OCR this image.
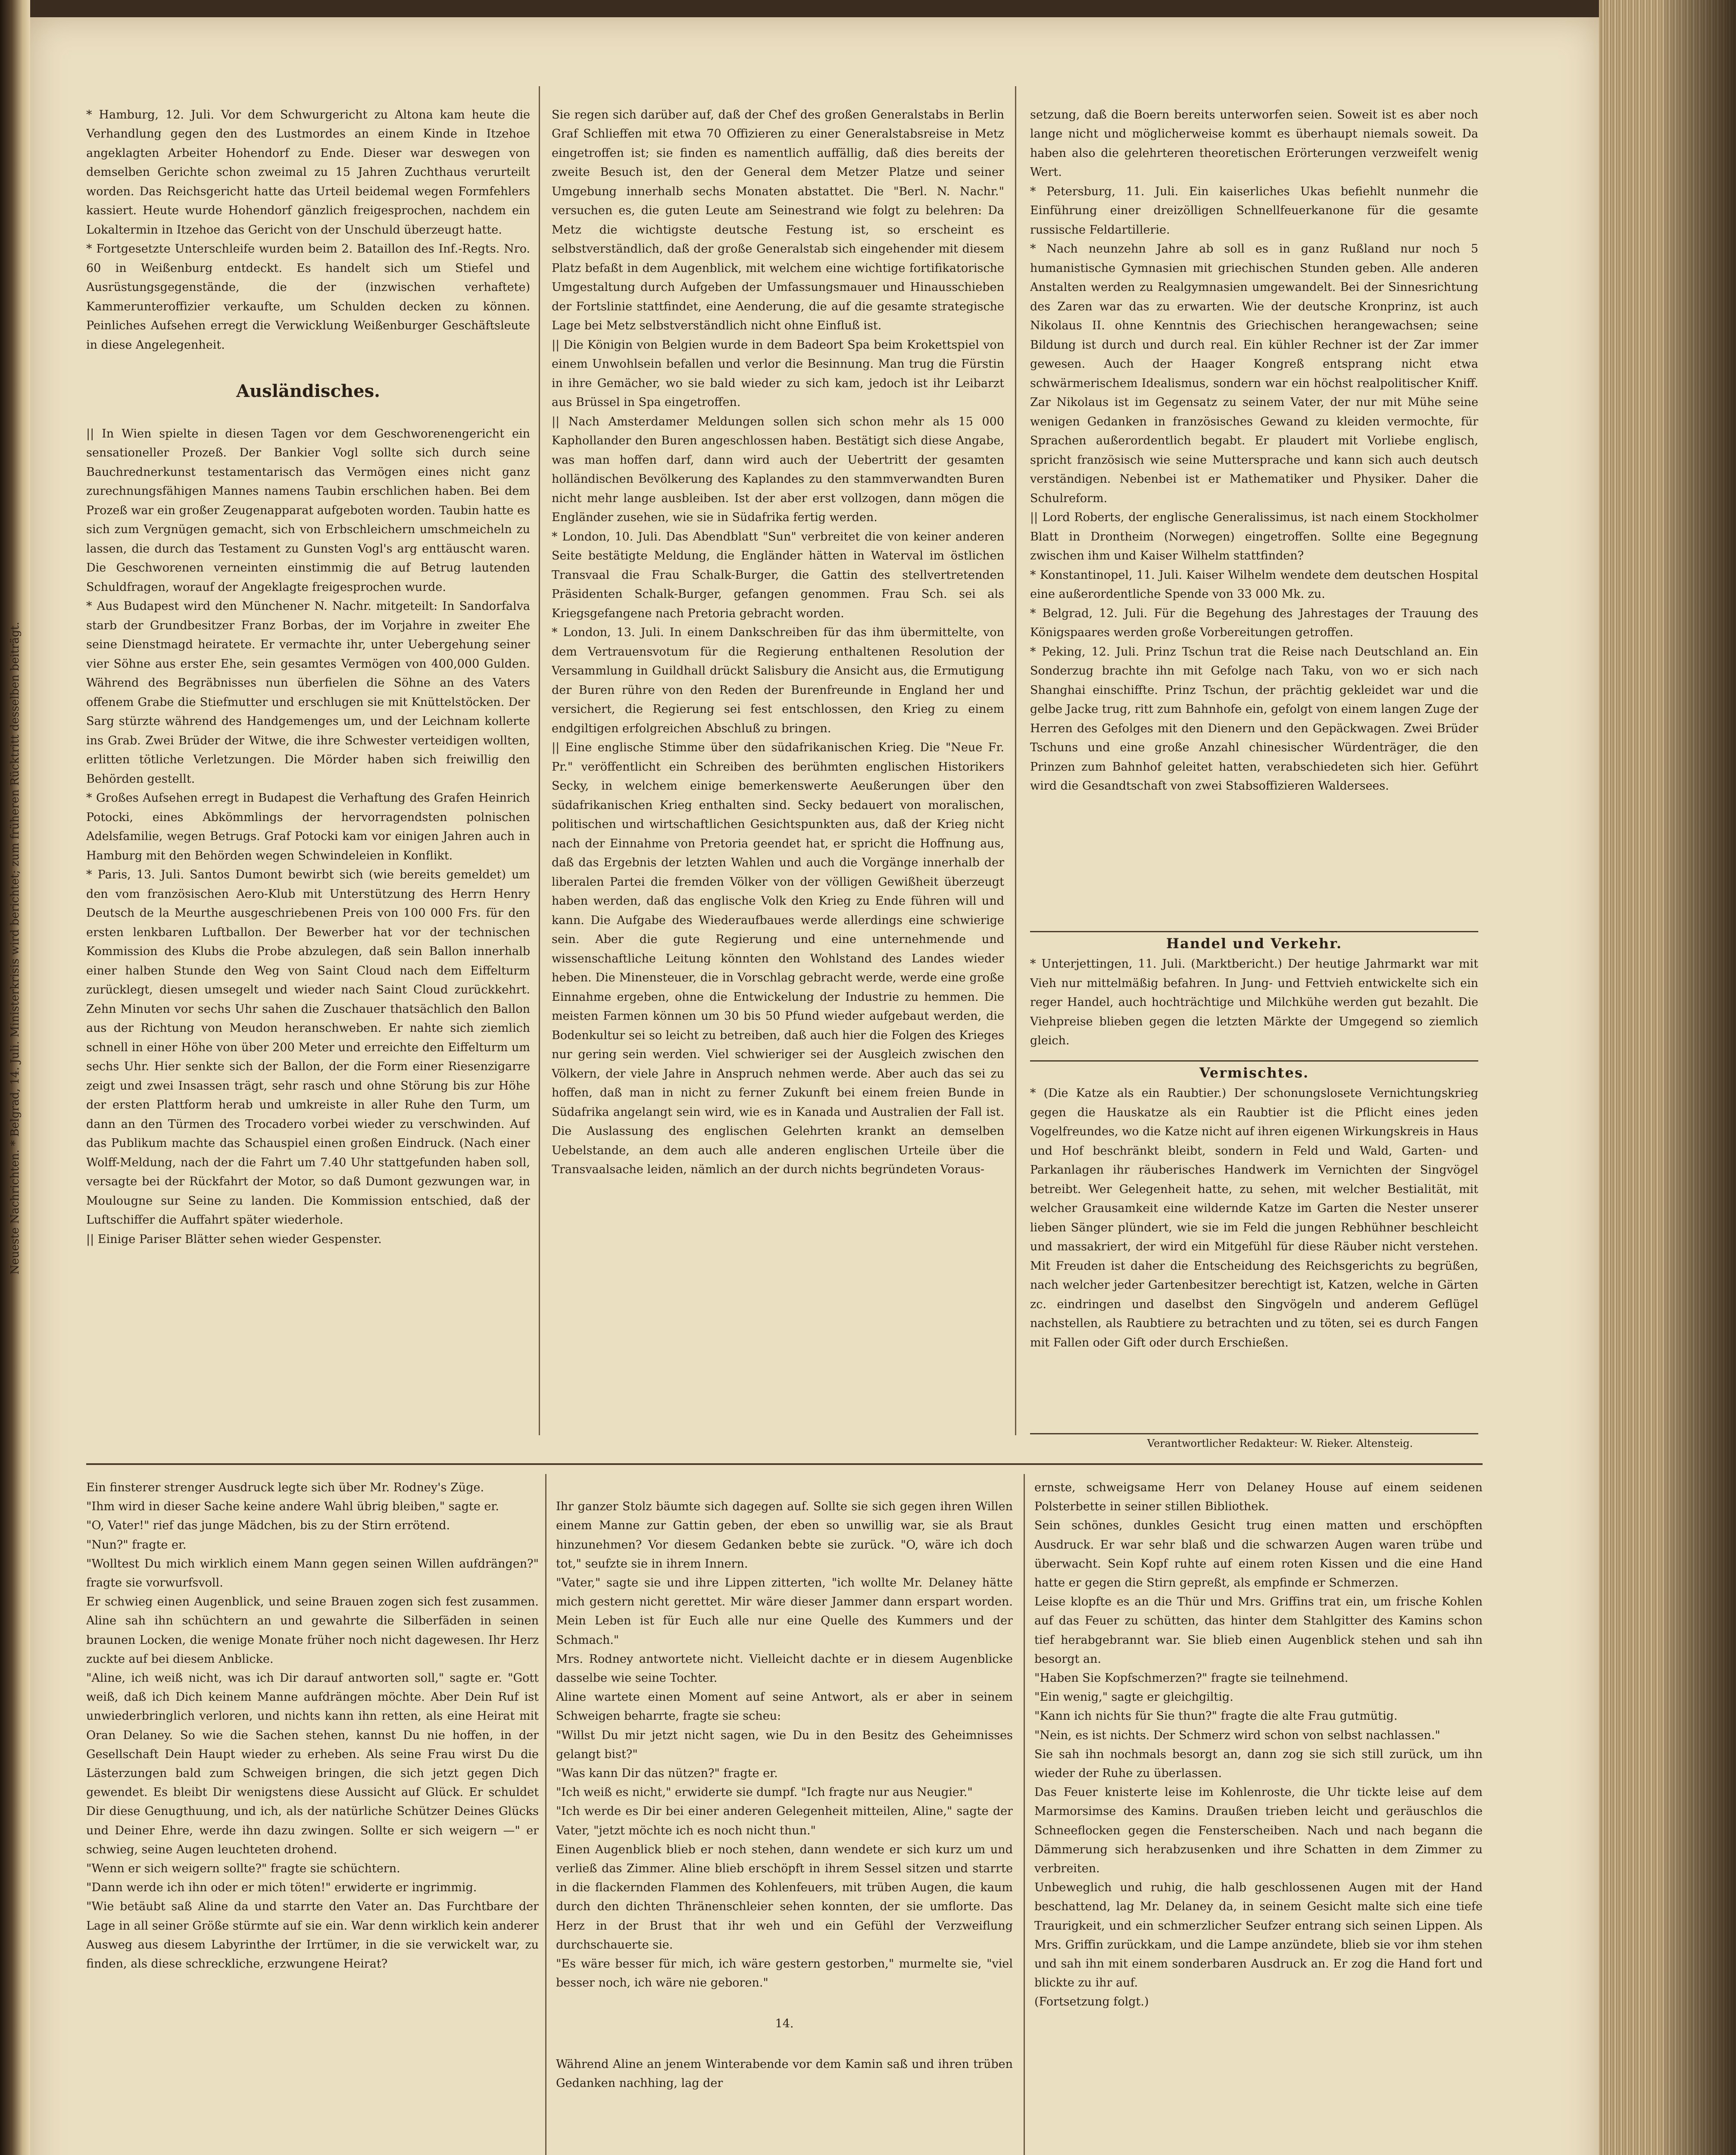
Neueste Nachrichten. * Belgrad, 14. Juli. Ministerkrisis wird berichtet; zum früheren Rücktritt desselben beiträgt.

* Hamburg, 12. Juli. Vor dem Schwurgericht zu Altona kam heute die Verhandlung gegen den des Lustmordes an einem Kinde in Itzehoe angeklagten Arbeiter Hohendorf zu Ende. Dieser war deswegen von demselben Gerichte schon zweimal zu 15 Jahren Zuchthaus verurteilt worden. Das Reichsgericht hatte das Urteil beidemal wegen Formfehlers kassiert. Heute wurde Hohendorf gänzlich freigesprochen, nachdem ein Lokaltermin in Itzehoe das Gericht von der Unschuld überzeugt hatte.
* Fortgesetzte Unterschleife wurden beim 2. Bataillon des Inf.-Regts. Nro. 60 in Weißenburg entdeckt. Es handelt sich um Stiefel und Ausrüstungsgegenstände, die der (inzwischen verhaftete) Kammerunteroffizier verkaufte, um Schulden decken zu können. Peinliches Aufsehen erregt die Verwicklung Weißenburger Geschäftsleute in diese Angelegenheit.

Ausländisches.

|| In Wien spielte in diesen Tagen vor dem Geschworenengericht ein sensationeller Prozeß. Der Bankier Vogl sollte sich durch seine Bauchrednerkunst testamentarisch das Vermögen eines nicht ganz zurechnungsfähigen Mannes namens Taubin erschlichen haben. Bei dem Prozeß war ein großer Zeugenapparat aufgeboten worden. Taubin hatte es sich zum Vergnügen gemacht, sich von Erbschleichern umschmeicheln zu lassen, die durch das Testament zu Gunsten Vogl's arg enttäuscht waren. Die Geschworenen verneinten einstimmig die auf Betrug lautenden Schuldfragen, worauf der Angeklagte freigesprochen wurde.
* Aus Budapest wird den Münchener N. Nachr. mitgeteilt: In Sandorfalva starb der Grundbesitzer Franz Borbas, der im Vorjahre in zweiter Ehe seine Dienstmagd heiratete. Er vermachte ihr, unter Uebergehung seiner vier Söhne aus erster Ehe, sein gesamtes Vermögen von 400,000 Gulden. Während des Begräbnisses nun überfielen die Söhne an des Vaters offenem Grabe die Stiefmutter und erschlugen sie mit Knüttelstöcken. Der Sarg stürzte während des Handgemenges um, und der Leichnam kollerte ins Grab. Zwei Brüder der Witwe, die ihre Schwester verteidigen wollten, erlitten tötliche Verletzungen. Die Mörder haben sich freiwillig den Behörden gestellt.
* Großes Aufsehen erregt in Budapest die Verhaftung des Grafen Heinrich Potocki, eines Abkömmlings der hervorragendsten polnischen Adelsfamilie, wegen Betrugs. Graf Potocki kam vor einigen Jahren auch in Hamburg mit den Behörden wegen Schwindeleien in Konflikt.
* Paris, 13. Juli. Santos Dumont bewirbt sich (wie bereits gemeldet) um den vom französischen Aero-Klub mit Unterstützung des Herrn Henry Deutsch de la Meurthe ausgeschriebenen Preis von 100 000 Frs. für den ersten lenkbaren Luftballon. Der Bewerber hat vor der technischen Kommission des Klubs die Probe abzulegen, daß sein Ballon innerhalb einer halben Stunde den Weg von Saint Cloud nach dem Eiffelturm zurücklegt, diesen umsegelt und wieder nach Saint Cloud zurückkehrt. Zehn Minuten vor sechs Uhr sahen die Zuschauer thatsächlich den Ballon aus der Richtung von Meudon heranschweben. Er nahte sich ziemlich schnell in einer Höhe von über 200 Meter und erreichte den Eiffelturm um sechs Uhr. Hier senkte sich der Ballon, der die Form einer Riesenzigarre zeigt und zwei Insassen trägt, sehr rasch und ohne Störung bis zur Höhe der ersten Plattform herab und umkreiste in aller Ruhe den Turm, um dann an den Türmen des Trocadero vorbei wieder zu verschwinden. Auf das Publikum machte das Schauspiel einen großen Eindruck. (Nach einer Wolff-Meldung, nach der die Fahrt um 7.40 Uhr stattgefunden haben soll, versagte bei der Rückfahrt der Motor, so daß Dumont gezwungen war, in Moulougne sur Seine zu landen. Die Kommission entschied, daß der Luftschiffer die Auffahrt später wiederhole.
|| Einige Pariser Blätter sehen wieder Gespenster.

Sie regen sich darüber auf, daß der Chef des großen Generalstabs in Berlin Graf Schlieffen mit etwa 70 Offizieren zu einer Generalstabsreise in Metz eingetroffen ist; sie finden es namentlich auffällig, daß dies bereits der zweite Besuch ist, den der General dem Metzer Platze und seiner Umgebung innerhalb sechs Monaten abstattet. Die "Berl. N. Nachr." versuchen es, die guten Leute am Seinestrand wie folgt zu belehren: Da Metz die wichtigste deutsche Festung ist, so erscheint es selbstverständlich, daß der große Generalstab sich eingehender mit diesem Platz befaßt in dem Augenblick, mit welchem eine wichtige fortifikatorische Umgestaltung durch Aufgeben der Umfassungsmauer und Hinausschieben der Fortslinie stattfindet, eine Aenderung, die auf die gesamte strategische Lage bei Metz selbstverständlich nicht ohne Einfluß ist.
|| Die Königin von Belgien wurde in dem Badeort Spa beim Krokettspiel von einem Unwohlsein befallen und verlor die Besinnung. Man trug die Fürstin in ihre Gemächer, wo sie bald wieder zu sich kam, jedoch ist ihr Leibarzt aus Brüssel in Spa eingetroffen.
|| Nach Amsterdamer Meldungen sollen sich schon mehr als 15 000 Kaphollander den Buren angeschlossen haben. Bestätigt sich diese Angabe, was man hoffen darf, dann wird auch der Uebertritt der gesamten holländischen Bevölkerung des Kaplandes zu den stammverwandten Buren nicht mehr lange ausbleiben. Ist der aber erst vollzogen, dann mögen die Engländer zusehen, wie sie in Südafrika fertig werden.
* London, 10. Juli. Das Abendblatt "Sun" verbreitet die von keiner anderen Seite bestätigte Meldung, die Engländer hätten in Waterval im östlichen Transvaal die Frau Schalk-Burger, die Gattin des stellvertretenden Präsidenten Schalk-Burger, gefangen genommen. Frau Sch. sei als Kriegsgefangene nach Pretoria gebracht worden.
* London, 13. Juli. In einem Dankschreiben für das ihm übermittelte, von dem Vertrauensvotum für die Regierung enthaltenen Resolution der Versammlung in Guildhall drückt Salisbury die Ansicht aus, die Ermutigung der Buren rühre von den Reden der Burenfreunde in England her und versichert, die Regierung sei fest entschlossen, den Krieg zu einem endgiltigen erfolgreichen Abschluß zu bringen.
|| Eine englische Stimme über den südafrikanischen Krieg. Die "Neue Fr. Pr." veröffentlicht ein Schreiben des berühmten englischen Historikers Secky, in welchem einige bemerkenswerte Aeußerungen über den südafrikanischen Krieg enthalten sind. Secky bedauert von moralischen, politischen und wirtschaftlichen Gesichtspunkten aus, daß der Krieg nicht nach der Einnahme von Pretoria geendet hat, er spricht die Hoffnung aus, daß das Ergebnis der letzten Wahlen und auch die Vorgänge innerhalb der liberalen Partei die fremden Völker von der völligen Gewißheit überzeugt haben werden, daß das englische Volk den Krieg zu Ende führen will und kann. Die Aufgabe des Wiederaufbaues werde allerdings eine schwierige sein. Aber die gute Regierung und eine unternehmende und wissenschaftliche Leitung könnten den Wohlstand des Landes wieder heben. Die Minensteuer, die in Vorschlag gebracht werde, werde eine große Einnahme ergeben, ohne die Entwickelung der Industrie zu hemmen. Die meisten Farmen können um 30 bis 50 Pfund wieder aufgebaut werden, die Bodenkultur sei so leicht zu betreiben, daß auch hier die Folgen des Krieges nur gering sein werden. Viel schwieriger sei der Ausgleich zwischen den Völkern, der viele Jahre in Anspruch nehmen werde. Aber auch das sei zu hoffen, daß man in nicht zu ferner Zukunft bei einem freien Bunde in Südafrika angelangt sein wird, wie es in Kanada und Australien der Fall ist. Die Auslassung des englischen Gelehrten krankt an demselben Uebelstande, an dem auch alle anderen englischen Urteile über die Transvaalsache leiden, nämlich an der durch nichts begründeten Voraus-

setzung, daß die Boern bereits unterworfen seien. Soweit ist es aber noch lange nicht und möglicherweise kommt es überhaupt niemals soweit. Da haben also die gelehrteren theoretischen Erörterungen verzweifelt wenig Wert.
* Petersburg, 11. Juli. Ein kaiserliches Ukas befiehlt nunmehr die Einführung einer dreizölligen Schnellfeuerkanone für die gesamte russische Feldartillerie.
* Nach neunzehn Jahre ab soll es in ganz Rußland nur noch 5 humanistische Gymnasien mit griechischen Stunden geben. Alle anderen Anstalten werden zu Realgymnasien umgewandelt. Bei der Sinnesrichtung des Zaren war das zu erwarten. Wie der deutsche Kronprinz, ist auch Nikolaus II. ohne Kenntnis des Griechischen herangewachsen; seine Bildung ist durch und durch real. Ein kühler Rechner ist der Zar immer gewesen. Auch der Haager Kongreß entsprang nicht etwa schwärmerischem Idealismus, sondern war ein höchst realpolitischer Kniff. Zar Nikolaus ist im Gegensatz zu seinem Vater, der nur mit Mühe seine wenigen Gedanken in französisches Gewand zu kleiden vermochte, für Sprachen außerordentlich begabt. Er plaudert mit Vorliebe englisch, spricht französisch wie seine Muttersprache und kann sich auch deutsch verständigen. Nebenbei ist er Mathematiker und Physiker. Daher die Schulreform.
|| Lord Roberts, der englische Generalissimus, ist nach einem Stockholmer Blatt in Drontheim (Norwegen) eingetroffen. Sollte eine Begegnung zwischen ihm und Kaiser Wilhelm stattfinden?
* Konstantinopel, 11. Juli. Kaiser Wilhelm wendete dem deutschen Hospital eine außerordentliche Spende von 33 000 Mk. zu.
* Belgrad, 12. Juli. Für die Begehung des Jahrestages der Trauung des Königspaares werden große Vorbereitungen getroffen.
* Peking, 12. Juli. Prinz Tschun trat die Reise nach Deutschland an. Ein Sonderzug brachte ihn mit Gefolge nach Taku, von wo er sich nach Shanghai einschiffte. Prinz Tschun, der prächtig gekleidet war und die gelbe Jacke trug, ritt zum Bahnhofe ein, gefolgt von einem langen Zuge der Herren des Gefolges mit den Dienern und den Gepäckwagen. Zwei Brüder Tschuns und eine große Anzahl chinesischer Würdenträger, die den Prinzen zum Bahnhof geleitet hatten, verabschiedeten sich hier. Geführt wird die Gesandtschaft von zwei Stabsoffizieren Waldersees.

Handel und Verkehr.
* Unterjettingen, 11. Juli. (Marktbericht.) Der heutige Jahrmarkt war mit Vieh nur mittelmäßig befahren. In Jung- und Fettvieh entwickelte sich ein reger Handel, auch hochträchtige und Milchkühe werden gut bezahlt. Die Viehpreise blieben gegen die letzten Märkte der Umgegend so ziemlich gleich.
Vermischtes.
* (Die Katze als ein Raubtier.) Der schonungslosete Vernichtungskrieg gegen die Hauskatze als ein Raubtier ist die Pflicht eines jeden Vogelfreundes, wo die Katze nicht auf ihren eigenen Wirkungskreis in Haus und Hof beschränkt bleibt, sondern in Feld und Wald, Garten- und Parkanlagen ihr räuberisches Handwerk im Vernichten der Singvögel betreibt. Wer Gelegenheit hatte, zu sehen, mit welcher Bestialität, mit welcher Grausamkeit eine wildernde Katze im Garten die Nester unserer lieben Sänger plündert, wie sie im Feld die jungen Rebhühner beschleicht und massakriert, der wird ein Mitgefühl für diese Räuber nicht verstehen. Mit Freuden ist daher die Entscheidung des Reichsgerichts zu begrüßen, nach welcher jeder Gartenbesitzer berechtigt ist, Katzen, welche in Gärten zc. eindringen und daselbst den Singvögeln und anderem Geflügel nachstellen, als Raubtiere zu betrachten und zu töten, sei es durch Fangen mit Fallen oder Gift oder durch Erschießen.
Verantwortlicher Redakteur: W. Rieker. Altensteig.
Ein finsterer strenger Ausdruck legte sich über Mr. Rodney's Züge.
"Ihm wird in dieser Sache keine andere Wahl übrig bleiben," sagte er.
"O, Vater!" rief das junge Mädchen, bis zu der Stirn errötend.
"Nun?" fragte er.
"Wolltest Du mich wirklich einem Mann gegen seinen Willen aufdrängen?" fragte sie vorwurfsvoll.
Er schwieg einen Augenblick, und seine Brauen zogen sich fest zusammen. Aline sah ihn schüchtern an und gewahrte die Silberfäden in seinen braunen Locken, die wenige Monate früher noch nicht dagewesen. Ihr Herz zuckte auf bei diesem Anblicke.
"Aline, ich weiß nicht, was ich Dir darauf antworten soll," sagte er. "Gott weiß, daß ich Dich keinem Manne aufdrängen möchte. Aber Dein Ruf ist unwiederbringlich verloren, und nichts kann ihn retten, als eine Heirat mit Oran Delaney. So wie die Sachen stehen, kannst Du nie hoffen, in der Gesellschaft Dein Haupt wieder zu erheben. Als seine Frau wirst Du die Lästerzungen bald zum Schweigen bringen, die sich jetzt gegen Dich gewendet. Es bleibt Dir wenigstens diese Aussicht auf Glück. Er schuldet Dir diese Genugthuung, und ich, als der natürliche Schützer Deines Glücks und Deiner Ehre, werde ihn dazu zwingen. Sollte er sich weigern —" er schwieg, seine Augen leuchteten drohend.
"Wenn er sich weigern sollte?" fragte sie schüchtern.
"Dann werde ich ihn oder er mich töten!" erwiderte er ingrimmig.
"Wie betäubt saß Aline da und starrte den Vater an. Das Furchtbare der Lage in all seiner Größe stürmte auf sie ein. War denn wirklich kein anderer Ausweg aus diesem Labyrinthe der Irrtümer, in die sie verwickelt war, zu finden, als diese schreckliche, erzwungene Heirat?

Ihr ganzer Stolz bäumte sich dagegen auf. Sollte sie sich gegen ihren Willen einem Manne zur Gattin geben, der eben so unwillig war, sie als Braut hinzunehmen? Vor diesem Gedanken bebte sie zurück. "O, wäre ich doch tot," seufzte sie in ihrem Innern.
"Vater," sagte sie und ihre Lippen zitterten, "ich wollte Mr. Delaney hätte mich gestern nicht gerettet. Mir wäre dieser Jammer dann erspart worden. Mein Leben ist für Euch alle nur eine Quelle des Kummers und der Schmach."
Mrs. Rodney antwortete nicht. Vielleicht dachte er in diesem Augenblicke dasselbe wie seine Tochter.
Aline wartete einen Moment auf seine Antwort, als er aber in seinem Schweigen beharrte, fragte sie scheu:
"Willst Du mir jetzt nicht sagen, wie Du in den Besitz des Geheimnisses gelangt bist?"
"Was kann Dir das nützen?" fragte er.
"Ich weiß es nicht," erwiderte sie dumpf. "Ich fragte nur aus Neugier."
"Ich werde es Dir bei einer anderen Gelegenheit mitteilen, Aline," sagte der Vater, "jetzt möchte ich es noch nicht thun."
Einen Augenblick blieb er noch stehen, dann wendete er sich kurz um und verließ das Zimmer. Aline blieb erschöpft in ihrem Sessel sitzen und starrte in die flackernden Flammen des Kohlenfeuers, mit trüben Augen, die kaum durch den dichten Thränenschleier sehen konnten, der sie umflorte. Das Herz in der Brust that ihr weh und ein Gefühl der Verzweiflung durchschauerte sie.
"Es wäre besser für mich, ich wäre gestern gestorben," murmelte sie, "viel besser noch, ich wäre nie geboren."

14.

Während Aline an jenem Winterabende vor dem Kamin saß und ihren trüben Gedanken nachhing, lag der

ernste, schweigsame Herr von Delaney House auf einem seidenen Polsterbette in seiner stillen Bibliothek.
Sein schönes, dunkles Gesicht trug einen matten und erschöpften Ausdruck. Er war sehr blaß und die schwarzen Augen waren trübe und überwacht. Sein Kopf ruhte auf einem roten Kissen und die eine Hand hatte er gegen die Stirn gepreßt, als empfinde er Schmerzen.
Leise klopfte es an die Thür und Mrs. Griffins trat ein, um frische Kohlen auf das Feuer zu schütten, das hinter dem Stahlgitter des Kamins schon tief herabgebrannt war. Sie blieb einen Augenblick stehen und sah ihn besorgt an.
"Haben Sie Kopfschmerzen?" fragte sie teilnehmend.
"Ein wenig," sagte er gleichgiltig.
"Kann ich nichts für Sie thun?" fragte die alte Frau gutmütig.
"Nein, es ist nichts. Der Schmerz wird schon von selbst nachlassen."
Sie sah ihn nochmals besorgt an, dann zog sie sich still zurück, um ihn wieder der Ruhe zu überlassen.
Das Feuer knisterte leise im Kohlenroste, die Uhr tickte leise auf dem Marmorsimse des Kamins. Draußen trieben leicht und geräuschlos die Schneeflocken gegen die Fensterscheiben. Nach und nach begann die Dämmerung sich herabzusenken und ihre Schatten in dem Zimmer zu verbreiten.
Unbeweglich und ruhig, die halb geschlossenen Augen mit der Hand beschattend, lag Mr. Delaney da, in seinem Gesicht malte sich eine tiefe Traurigkeit, und ein schmerzlicher Seufzer entrang sich seinen Lippen. Als Mrs. Griffin zurückkam, und die Lampe anzündete, blieb sie vor ihm stehen und sah ihn mit einem sonderbaren Ausdruck an. Er zog die Hand fort und blickte zu ihr auf.
(Fortsetzung folgt.)
